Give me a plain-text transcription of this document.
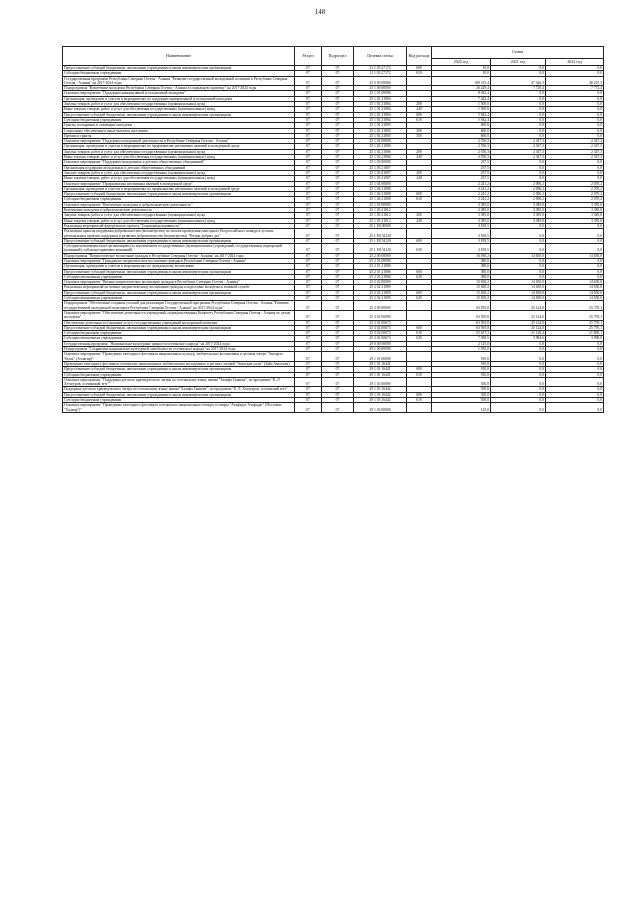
148
Наименование	Раздел	Подраздел	Целевая статья	Вид расхода	Сумма		
					2020 год	2021 год	2022 год
Предоставление субсидий бюджетным, автономным учреждениям и иным некоммерческим организациям	07	07	21 1 03 27172	600	10,0	0,0	0,0
Субсидии бюджетным учреждениям	07	07	21 1 03 27172	610	10,0	0,0	0,0
Государственная программа Республики Северная Осетия - Алания "Развитие государственной молодежной политики в Республике Северная Осетия - Алания" на 2017-2024 годы	07	07	25 0 00 00000		109 315,4	47 326,3	48 207,5
Подпрограмма "Вовлечение молодежи Республики Северная Осетия - Алания в социальную практику" на 2017-2024 годы	07	07	25 1 00 00000		26 229,4	7 729,4	7 772,4
Основное мероприятие "Поддержка инициативной и талантливой молодежи"	07	07	25 1 01 00000		8 042,4	0,0	0,0
Организация, проведение и участие в мероприятиях по поддержке инициативной и талантливой молодежи	07	07	25 1 01 21804		7 442,4	0,0	0,0
Закупка товаров, работ и услуг для обеспечения государственных (муниципальных) нужд	07	07	25 1 01 21804	200	1 500,0	0,0	0,0
Иные закупки товаров, работ и услуг для обеспечения государственных (муниципальных) нужд	07	07	25 1 01 21804	240	1 500,0	0,0	0,0
Предоставление субсидий бюджетным, автономным учреждениям и иным некоммерческим организациям	07	07	25 1 01 21804	600	5 942,4	0,0	0,0
Субсидии бюджетным учреждениям	07	07	25 1 01 21804	610	5 942,4	0,0	0,0
Гранты, поощрения и стипендии молодежи	07	07	25 1 01 21805		600,0	0,0	0,0
Социальное обеспечение и иные выплаты населению	07	07	25 1 01 21805	300	600,0	0,0	0,0
Премии и гранты	07	07	25 1 01 21805	350	600,0	0,0	0,0
Основное мероприятие "Поддержка молодежной деятельности в Республике Северная Осетия - Алания"	07	07	25 1 02 00000		2 556,3	2 347,3	2 347,3
Организация, проведение и участие в мероприятиях по профилактике негативных явлений в молодежной среде	07	07	25 1 02 21806		2 556,3	2 347,3	2 347,3
Закупка товаров, работ и услуг для обеспечения государственных (муниципальных) нужд	07	07	25 1 02 21806	200	2 556,3	2 347,3	2 347,3
Иные закупки товаров, работ и услуг для обеспечения государственных (муниципальных) нужд	07	07	25 1 02 21806	240	2 556,3	2 347,3	2 347,3
Основное мероприятие "Поддержка молодежных и детских общественных объединений"	07	07	25 1 03 00000		237,5	0,0	0,0
Организация поддержки молодежных и детских общественных объединений	07	07	25 1 03 21807		237,5	0,0	0,0
Закупка товаров, работ и услуг для обеспечения государственных (муниципальных) нужд	07	07	25 1 03 21807	200	237,5	0,0	0,0
Иные закупки товаров, работ и услуг для обеспечения государственных (муниципальных) нужд	07	07	25 1 03 21807	240	237,5	0,0	0,0
Основное мероприятие "Профилактика негативных явлений в молодежной среде"	07	07	25 1 04 00000		2 241,2	2 096,2	2 070,2
Организация, проведение и участие в мероприятиях по профилактике негативных явлений в молодежной среде	07	07	25 1 04 21808		2 241,2	2 096,2	2 070,2
Предоставление субсидий бюджетным, автономным учреждениям и иным некоммерческим организациям	07	07	25 1 04 21808	600	2 241,2	2 096,2	2 070,2
Субсидии бюджетным учреждениям	07	07	25 1 04 21808	610	2 241,2	2 096,2	2 070,2
Основное мероприятие "Вовлечение молодежи в добровольческую деятельность"	07	07	25 1 05 00000		3 385,0	3 385,0	3 385,0
Вовлечение молодежи в добровольческую деятельность	07	07	25 1 05 21812		3 385,0	3 385,0	3 385,0
Закупка товаров, работ и услуг для обеспечения государственных (муниципальных) нужд	07	07	25 1 05 21812	200	3 385,0	3 385,0	3 385,0
Иные закупки товаров, работ и услуг для обеспечения государственных (муниципальных) нужд	07	07	25 1 05 21812	240	3 385,0	3 385,0	3 385,0
Реализация мероприятий федерального проекта "Социальная активность"	07	07	25 1 E8 00000		3 818,5	0,0	0,0
Реализация практик поддержки добровольчества (волонтерства) по итогам проведения ежегодного Всероссийского конкурса лучших региональных практик поддержки и развития добровольчества (волонтерства) "Регион добрых дел"	07	07	25 1 E8 54120		3 818,5	0,0	0,0
Предоставление субсидий бюджетным, автономным учреждениям и иным некоммерческим организациям	07	07	25 1 E8 54120	600	3 818,5	0,0	0,0
Субсидии некоммерческим организациям (за исключением государственных (муниципальных) учреждений, государственных корпораций (компаний), публично-правовых компаний)	07	07	25 1 E8 54120	630	3 818,5	0,0	0,0
Подпрограмма "Патриотическое воспитание граждан в Республике Северная Осетия - Алания" на 2017-2024 годы	07	07	25 2 00 00000		16 030,2	14 650,0	14 650,0
Основное мероприятие "Гражданско-патриотическое воспитание граждан в Республике Северная Осетия - Алания"	07	07	25 2 01 00000		380,0	0,0	0,0
Организация, проведение и участие в мероприятиях по гражданскому воспитанию	07	07	25 2 01 21806		380,0	0,0	0,0
Предоставление субсидий бюджетным, автономным учреждениям и иным некоммерческим организациям	07	07	25 2 01 21806	600	380,0	0,0	0,0
Субсидии автономным учреждениям	07	07	25 2 01 21806	620	380,0	0,0	0,0
Основное мероприятие "Военно-патриотическое воспитание граждан в Республике Северная Осетия - Алания"	07	07	25 2 02 00000		15 650,2	14 650,0	14 650,0
Реализация мероприятий по военно-патриотическому воспитанию граждан и подготовке молодежи к военной службе	07	07	25 2 02 21809		15 650,2	14 650,0	14 650,0
Предоставление субсидий бюджетным, автономным учреждениям и иным некоммерческим организациям	07	07	25 2 02 21809	600	15 650,2	14 650,0	14 650,0
Субсидии автономным учреждениям	07	07	25 2 02 21809	620	15 650,2	14 650,0	14 650,0
Подпрограмма "Обеспечение создания условий для реализации Государственной программы Республики Северная Осетия - Алания "Развитие государственной молодежной политики в Республике Северная Осетия - Алания" на 2017-2024 годы"	07	07	25 3 00 00000		63 595,8	25 124,0	25 795,1
Основное мероприятие "Обеспечение деятельности учреждений, подведомственных Комитету Республики Северная Осетия - Алания по делам молодежи"	07	07	25 3 02 00000		63 595,8	25 124,0	25 795,1
Обеспечение деятельности (оказание услуг) государственных учреждений молодежной политики	07	07	25 3 02 00673		63 595,8	25 124,0	25 795,1
Предоставление субсидий бюджетным, автономным учреждениям и иным некоммерческим организациям	07	07	25 3 02 00673	600	63 595,8	25 124,0	25 795,1
Субсидии бюджетным учреждениям	07	07	25 3 02 00673	610	55 637,3	21 129,4	21 805,1
Субсидии автономным учреждениям	07	07	25 3 02 00673	620	7 958,5	3 994,6	3 990,0
Государственная программа "Национально-культурные ценности осетинского народа" на 2017-2024 годы	07	07	29 0 00 00000		2 145,0	0,0	0,0
Подпрограмма "Сохранение национально-культурной самобытности осетинского народа" на 2017-2024 годы	07	07	29 1 00 00000		1 595,0	0,0	0,0
Основное мероприятие "Проведение ежегодного фестиваля национальных культур, любительских коллективов в детском лагере "Ашхарта Уцлах" (Аллагир)"	07	07	29 1 01 00000		910,0	0,0	0,0
Проведение ежегодного фестиваля осетинских национальных любительских молодежных и детских лагерей "Амыгъам уалзг" (Зайл Амыгъам)	07	07	29 1 01 16441		910,0	0,0	0,0
Предоставление субсидий бюджетным, автономным учреждениям и иным некоммерческим организациям	07	07	29 1 01 16441	600	910,0	0,0	0,0
Субсидии бюджетным учреждениям	07	07	29 1 01 16441	610	910,0	0,0	0,0
Основное мероприятие "Поддержка детского краеведческого лагеря по осетинскому языку имени "Хазифа Ганиева", по программе "К. Л. Хетагуров, осетинский зетт""	07	07	29 1 03 00000		350,0	0,0	0,0
Поддержка детского краеведческого лагеря по осетинскому языку имени "Хазифа Ганиева", по программе "К. Л. Хетагуров, осетинский зетт"	07	07	29 1 03 16442		350,0	0,0	0,0
Предоставление субсидий бюджетным, автономным учреждениям и иным некоммерческим организациям	07	07	29 1 03 16442	600	350,0	0,0	0,0
Субсидии бюджетным учреждениям	07	07	29 1 03 16442	610	350,0	0,0	0,0
Основное мероприятие "Проведение ежегодного фестиваля осетинского национального юмора и сатиры "Ахъфадаг Ахъфадаг" (Поставил "Хадзыр")"	07	07	29 1 05 00000		125,0	0,0	0,0
